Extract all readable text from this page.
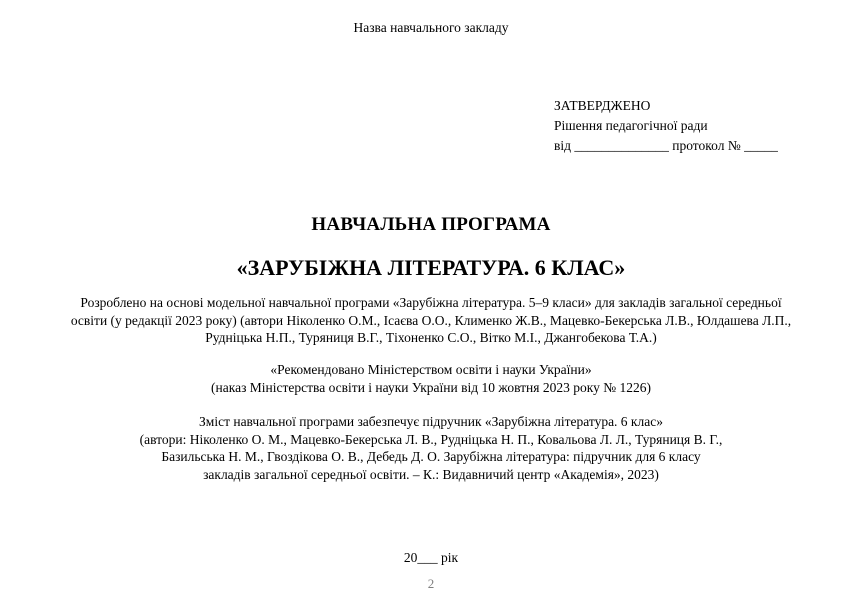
Назва навчального закладу
ЗАТВЕРДЖЕНО
Рішення педагогічної ради
від ______________ протокол № _____
НАВЧАЛЬНА ПРОГРАМА
«ЗАРУБІЖНА ЛІТЕРАТУРА. 6 КЛАС»
Розроблено на основі модельної навчальної програми «Зарубіжна література. 5–9 класи» для закладів загальної середньої
освіти (у редакції 2023 року) (автори Ніколенко О.М., Ісаєва О.О., Клименко Ж.В., Мацевко-Бекерська Л.В., Юлдашева Л.П.,
Рудніцька Н.П., Туряниця В.Г., Тіхоненко С.О., Вітко М.І., Джангобекова Т.А.)
«Рекомендовано Міністерством освіти і науки України»
(наказ Міністерства освіти і науки України від 10 жовтня 2023 року № 1226)
Зміст навчальної програми забезпечує підручник «Зарубіжна література. 6 клас»
(автори: Ніколенко О. М., Мацевко-Бекерська Л. В., Рудніцька Н. П., Ковальова Л. Л., Туряниця В. Г.,
Базильська Н. М., Гвоздікова О. В., Дебедь Д. О. Зарубіжна література: підручник для 6 класу
закладів загальної середньої освіти. – К.: Видавничий центр «Академія», 2023)
20___ рік
2
